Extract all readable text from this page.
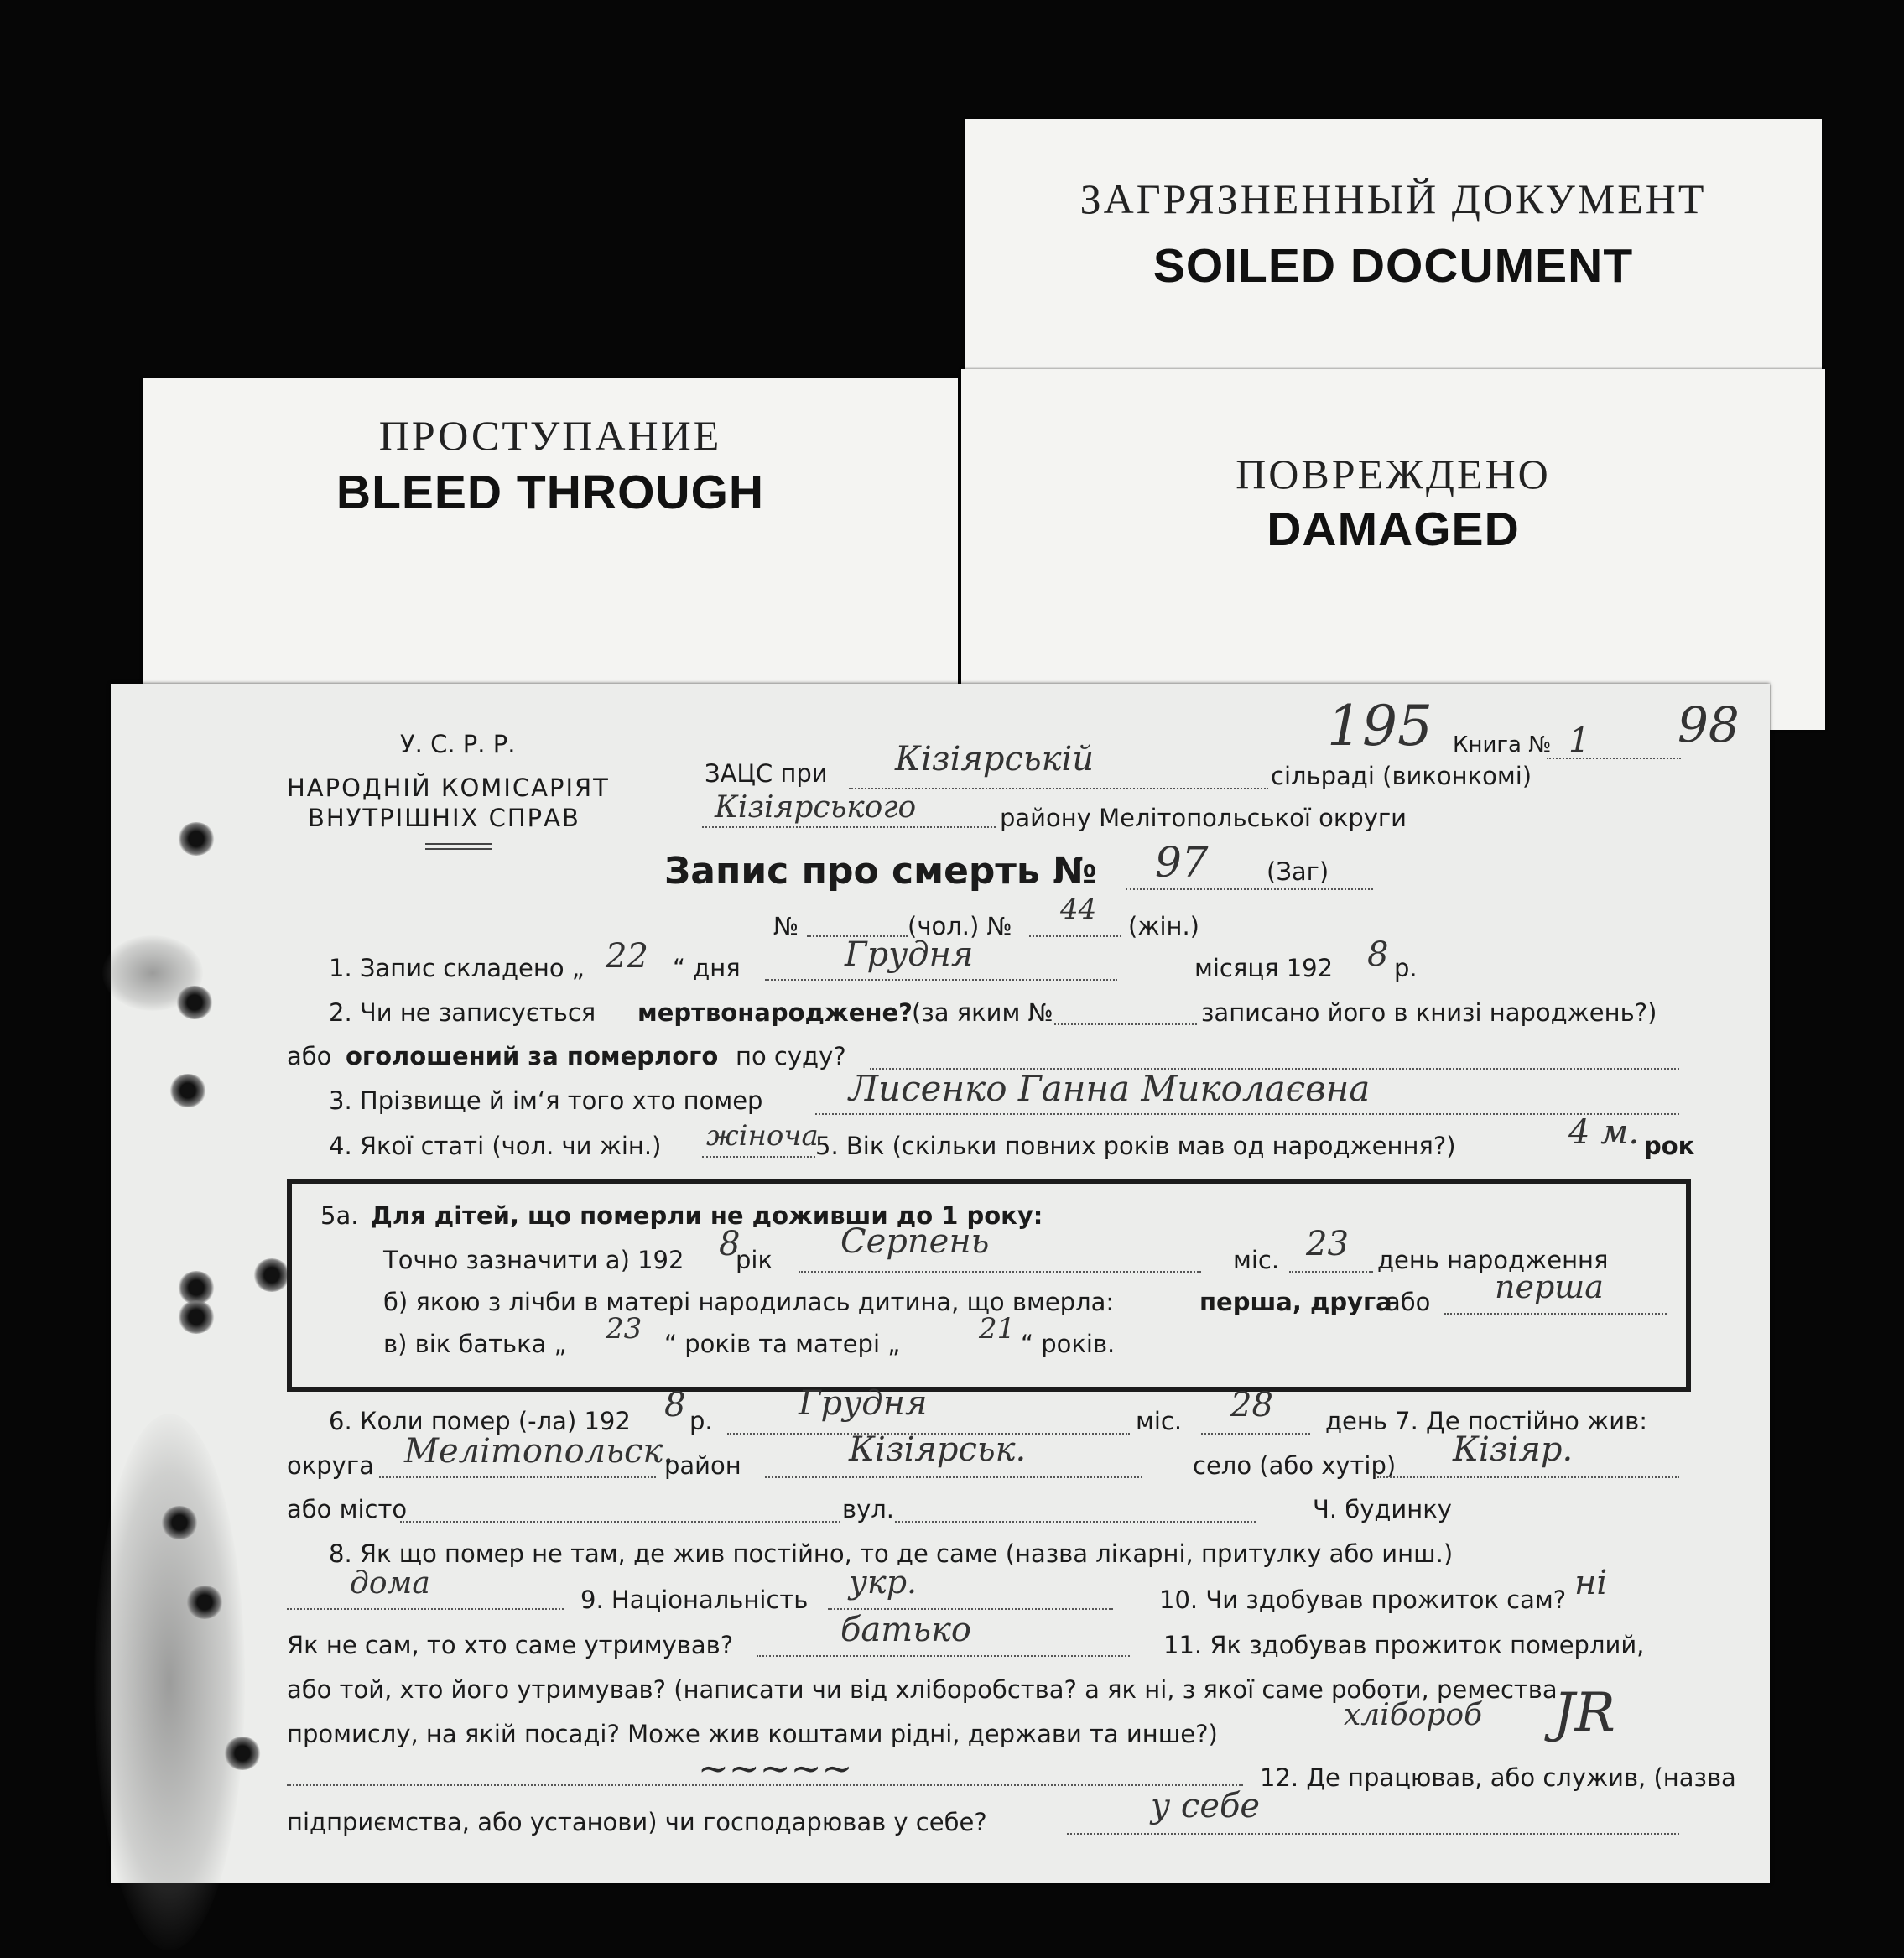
ЗАГРЯЗНЕННЫЙ ДОКУМЕНТ
SOILED DOCUMENT
ПРОСТУПАНИЕ
BLEED THROUGH	ПОВРЕЖДЕНО
DAMAGED
У. С. Р. Р.
НАРОДНІЙ КОМІСАРІЯТ
ВНУТРІШНІХ СПРАВ
ЗАЦС при Кізіярській
195 Книга № 1 98
сільраді (виконкомі)
Кізіярського	району Мелітопольської округи
Запис про смерть № 97 (Заг)
№	(чол.) № 44 (жін.)
1. Запис складено „ 22 “ дня	Грудня	місяця 192 8 р.
2. Чи не записується мертвонароджене? (за яким №	записано його в книзі народжень?)
або оголошений за померлого по суду?
3. Прізвище й ім‘я того хто помер Лисенко Ганна Миколаєвна
4. Якої статі (чол. чи жін.) жіноча
5. Вік (скільки повних років мав од народження?)	4 м. рок
5а. Для дітей, що померли не доживши до 1 року:
Точно зазначити а) 192 8
рік Серпень	міс. 23 день народження
б) якою з лічби в матері народилась дитина, що вмерла:	перша, друга
або перша
в) вік батька „ 23 “ років та матері „	21 “ років.
6. Коли помер (-ла) 192 8 р.	Грудня	міс. 28 день 7. Де постійно жив:
округа Мелітопольск.
район	Кізіярськ.	село (або хутір) Кізіяр.
або місто	вул.	Ч. будинку
8. Як що помер не там, де жив постійно, то де саме (назва лікарні, притулку або инш.)
дома	9. Національність укр.	10. Чи здобував прожиток сам? ні
Як не сам, то хто саме утримував?	батько	11. Як здобував прожиток померлий,
або той, хто його утримував? (написати чи від хліборобства? а як ні, з якої саме роботи, ремества
промислу, на якій посаді? Може жив коштами рідні, держави та инше?)
хлібороб JR
~~~~~	12. Де працював, або служив, (назва
підприємства, або установи) чи господарював у себе?	у себе
